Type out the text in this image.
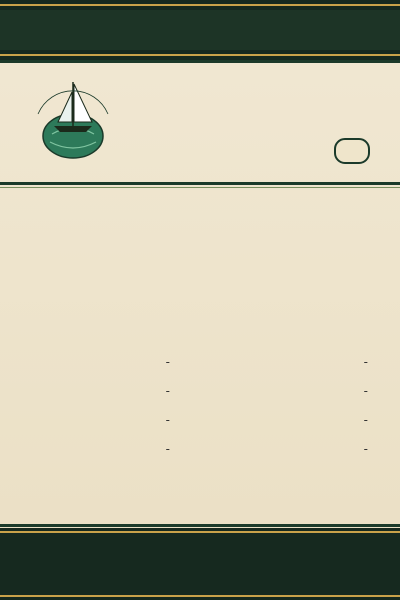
-
-
-
-
-
-
-
-
